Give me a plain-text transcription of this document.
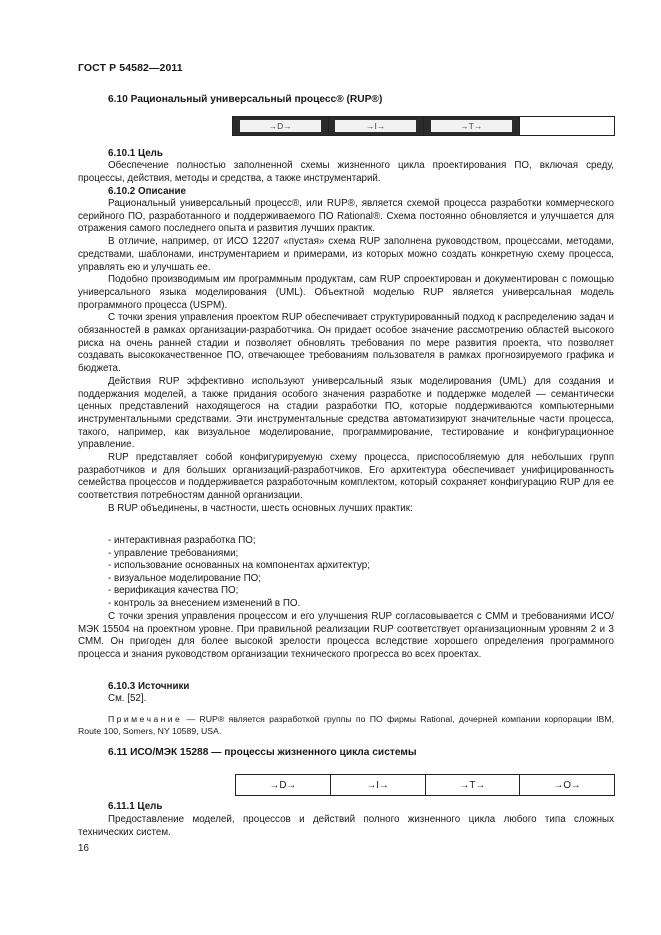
ГОСТ Р 54582—2011
6.10 Рациональный универсальный процесс® (RUP®)
→D→	→I→	→T→
6.10.1 Цель

Обеспечение полностью заполненной схемы жизненного цикла проектирования ПО, включая среду, процессы, действия, методы и средства, а также инструментарий.

6.10.2 Описание

Рациональный универсальный процесс®, или RUP®, является схемой процесса разработки коммерческого серийного ПО, разработанного и поддерживаемого ПО Rational®. Схема постоянно обновляется и улучшается для отражения самого последнего опыта и развития лучших практик.

В отличие, например, от ИСО 12207 «пустая» схема RUP заполнена руководством, процессами, методами, средствами, шаблонами, инструментарием и примерами, из которых можно создать конкретную схему процесса, управлять ею и улучшать ее.

Подобно производимым им программным продуктам, сам RUP спроектирован и документирован с помощью универсального языка моделирования (UML). Объектной моделью RUP является универсальная модель программного процесса (USPM).

С точки зрения управления проектом RUP обеспечивает структурированный подход к распределению задач и обязанностей в рамках организации-разработчика. Он придает особое значение рассмотрению областей высокого риска на очень ранней стадии и позволяет обновлять требования по мере развития проекта, что позволяет создавать высококачественное ПО, отвечающее требованиям пользователя в рамках прогнозируемого графика и бюджета.

Действия RUP эффективно используют универсальный язык моделирования (UML) для создания и поддержания моделей, а также придания особого значения разработке и поддержке моделей — семантически ценных представлений находящегося на стадии разработки ПО, которые поддерживаются компьютерными инструментальными средствами. Эти инструментальные средства автоматизируют значительные части процесса, такого, например, как визуальное моделирование, программирование, тестирование и конфигурационное управление.

RUP представляет собой конфигурируемую схему процесса, приспособляемую для небольших групп разработчиков и для больших организаций-разработчиков. Его архитектура обеспечивает унифицированность семейства процессов и поддерживается разработочным комплектом, который сохраняет конфигурацию RUP для ее соответствия потребностям данной организации.

В RUP объединены, в частности, шесть основных лучших практик:

- интерактивная разработка ПО;
- управление требованиями;
- использование основанных на компонентах архитектур;
- визуальное моделирование ПО;
- верификация качества ПО;
- контроль за внесением изменений в ПО.

С точки зрения управления процессом и его улучшения RUP согласовывается с СММ и требованиями ИСО/МЭК 15504 на проектном уровне. При правильной реализации RUP соответствует организационным уровням 2 и 3 СММ. Он пригоден для более высокой зрелости процесса вследствие хорошего определения программного процесса и знания руководством организации технического прогресса во всех проектах.

6.10.3 Источники

См. [52].

Примечание — RUP® является разработкой группы по ПО фирмы Rational, дочерней компании корпорации IBM, Route 100, Somers, NY 10589, USA.
6.11 ИСО/МЭК 15288 — процессы жизненного цикла системы
→D→	→I→	→T→	→O→
6.11.1 Цель

Предоставление моделей, процессов и действий полного жизненного цикла любого типа сложных технических систем.

16
